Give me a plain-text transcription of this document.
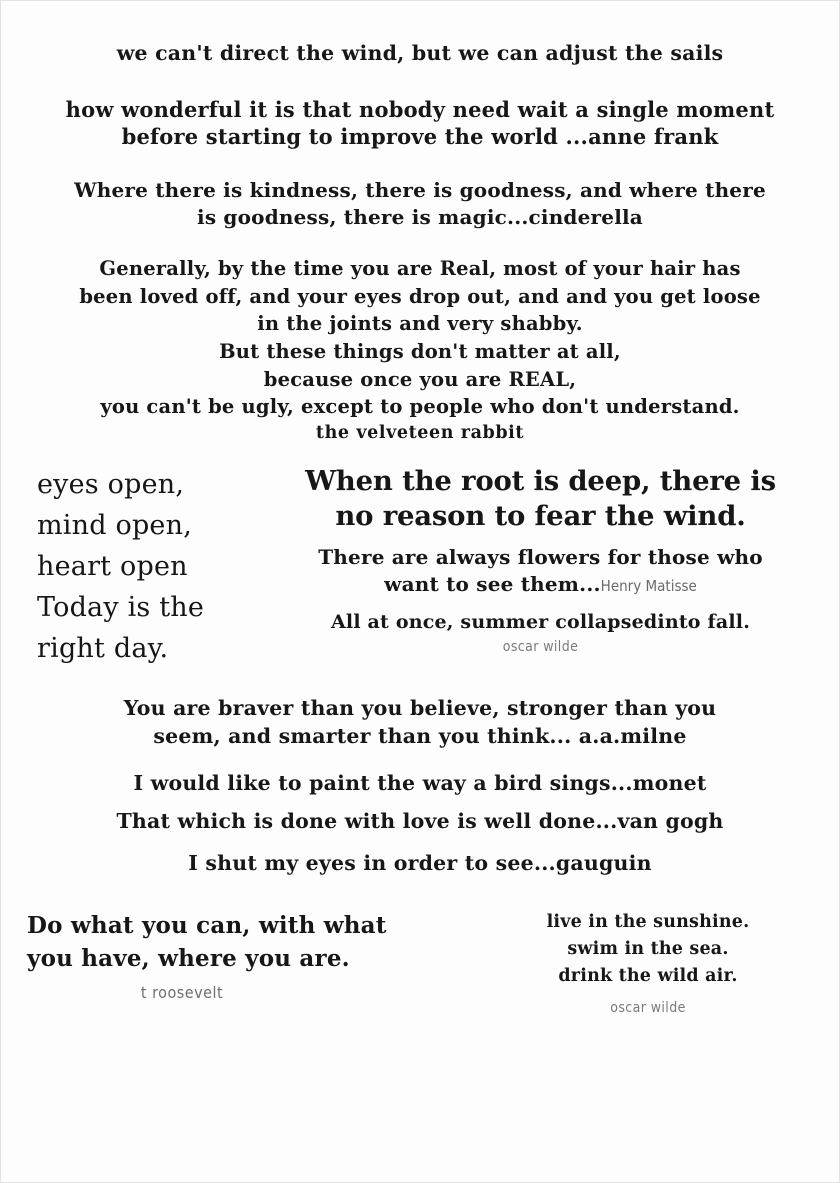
we can't direct the wind, but we can adjust the sails
how wonderful it is that nobody need wait a single moment
before starting to improve the world ...anne frank
Where there is kindness, there is goodness, and where there
is goodness, there is magic...cinderella
Generally, by the time you are Real, most of your hair has
been loved off, and your eyes drop out, and and you get loose
in the joints and very shabby.
But these things don't matter at all,
because once you are REAL,
you can't be ugly, except to people who don't understand.
the velveteen rabbit
eyes open,
mind open,
heart open
Today is the
right day.
When the root is deep, there is
no reason to fear the wind.
There are always flowers for those who
want to see them...Henry Matisse
All at once, summer collapsedinto fall.
oscar wilde
You are braver than you believe, stronger than you
seem, and smarter than you think... a.a.milne
I would like to paint the way a bird sings...monet
That which is done with love is well done...van gogh
I shut my eyes in order to see...gauguin
Do what you can, with what
you have, where you are.
t roosevelt
live in the sunshine.
swim in the sea.
drink the wild air.
oscar wilde
